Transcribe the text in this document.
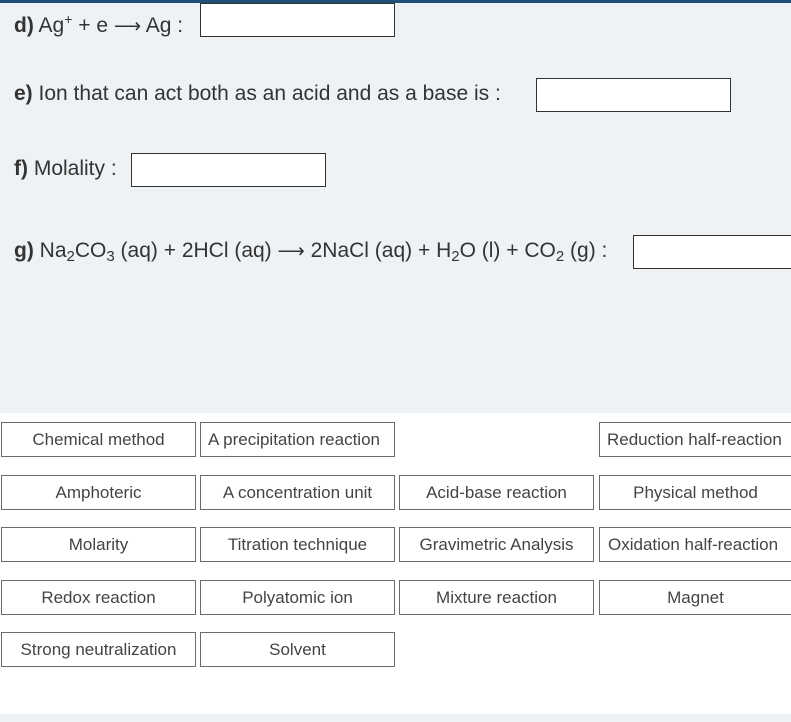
d) Ag+ + e ⟶ Ag :
e) Ion that can act both as an acid and as a base is :
f) Molality :
g) $Na_2CO_3$ (aq) + 2HCl (aq) ⟶ 2NaCl $(aq) + H_2O$ $(l) + CO_2$ (g) :
Chemical method	A precipitation reaction	Reduction half-reaction
Amphoteric	A concentration unit	Acid-base reaction	Physical method
Molarity	Titration technique	Gravimetric Analysis	Oxidation half-reaction
Redox reaction	Polyatomic ion	Mixture reaction	Magnet
Strong neutralization	Solvent
